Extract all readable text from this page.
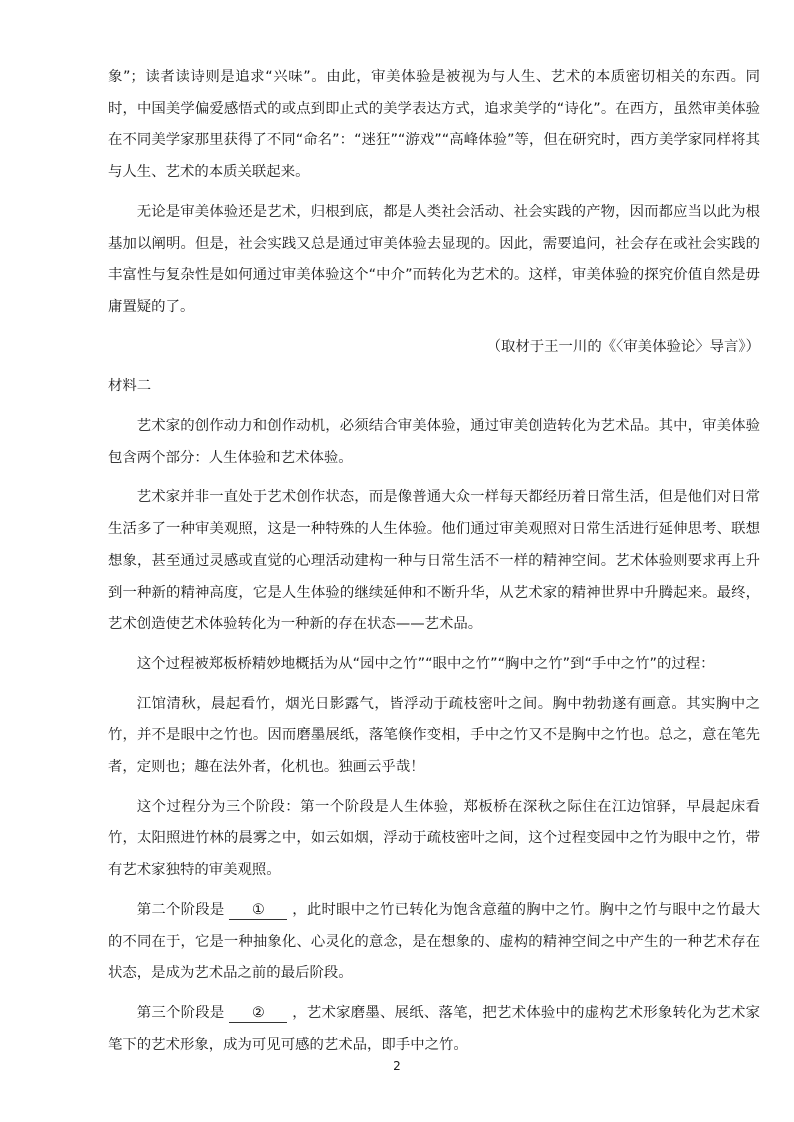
象”；读者读诗则是追求“兴味”。由此，审美体验是被视为与人生、艺术的本质密切相关的东西。同时，中国美学偏爱感悟式的或点到即止式的美学表达方式，追求美学的“诗化”。在西方，虽然审美体验在不同美学家那里获得了不同“命名”：“迷狂”“游戏”“高峰体验”等，但在研究时，西方美学家同样将其与人生、艺术的本质关联起来。

无论是审美体验还是艺术，归根到底，都是人类社会活动、社会实践的产物，因而都应当以此为根基加以阐明。但是，社会实践又总是通过审美体验去显现的。因此，需要追问，社会存在或社会实践的丰富性与复杂性是如何通过审美体验这个“中介”而转化为艺术的。这样，审美体验的探究价值自然是毋庸置疑的了。

（取材于王一川的《〈审美体验论〉导言》）

材料二

艺术家的创作动力和创作动机，必须结合审美体验，通过审美创造转化为艺术品。其中，审美体验包含两个部分：人生体验和艺术体验。

艺术家并非一直处于艺术创作状态，而是像普通大众一样每天都经历着日常生活，但是他们对日常生活多了一种审美观照，这是一种特殊的人生体验。他们通过审美观照对日常生活进行延伸思考、联想想象，甚至通过灵感或直觉的心理活动建构一种与日常生活不一样的精神空间。艺术体验则要求再上升到一种新的精神高度，它是人生体验的继续延伸和不断升华，从艺术家的精神世界中升腾起来。最终，艺术创造使艺术体验转化为一种新的存在状态——艺术品。

这个过程被郑板桥精妙地概括为从“园中之竹”“眼中之竹”“胸中之竹”到“手中之竹”的过程：

江馆清秋，晨起看竹，烟光日影露气，皆浮动于疏枝密叶之间。胸中勃勃遂有画意。其实胸中之竹，并不是眼中之竹也。因而磨墨展纸，落笔倏作变相，手中之竹又不是胸中之竹也。总之，意在笔先者，定则也；趣在法外者，化机也。独画云乎哉！

这个过程分为三个阶段：第一个阶段是人生体验，郑板桥在深秋之际住在江边馆驿，早晨起床看竹，太阳照进竹林的晨雾之中，如云如烟，浮动于疏枝密叶之间，这个过程变园中之竹为眼中之竹，带有艺术家独特的审美观照。

第二个阶段是 ① ，此时眼中之竹已转化为饱含意蕴的胸中之竹。胸中之竹与眼中之竹最大的不同在于，它是一种抽象化、心灵化的意念，是在想象的、虚构的精神空间之中产生的一种艺术存在状态，是成为艺术品之前的最后阶段。

第三个阶段是 ② ，艺术家磨墨、展纸、落笔，把艺术体验中的虚构艺术形象转化为艺术家笔下的艺术形象，成为可见可感的艺术品，即手中之竹。

2
